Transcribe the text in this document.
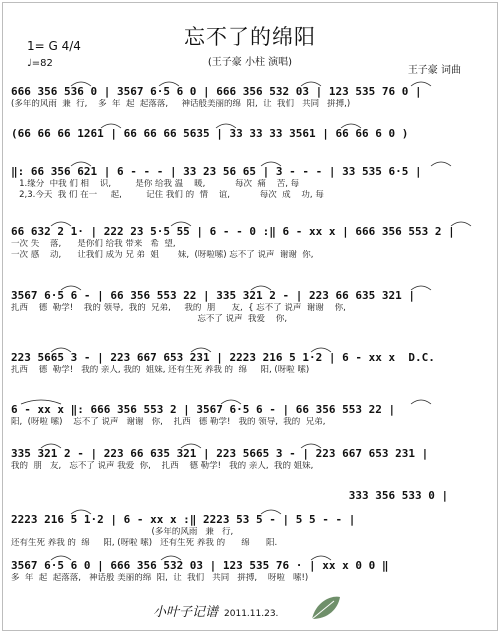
忘不了的绵阳
(王子豪 小柱 演唱)
1= G 4/4
♩=82
王子豪 词曲
666 356 536 0 | 3567 6·5 6 0 | 666 356 532 03 | 123 535 76 0 |
(多年的风雨  兼  行,    多  年  起  起落落,     神话般美丽的绵  阳,  让  我们   共同   拼搏,)
(66 66 66 1261 | 66 66 66 5635 | 33 33 33 3561 | 66 66 6 0 )
‖: 66 356 621 | 6 - - - | 33 23 56 65 | 3 - - - | 33 535 6·5 |
1.缘分  中我 们 相    识,         是你 给我 温    暖,           每次  痛    苦, 每
2,3.今天  我 们 在一     起,         记住 我们 的  情    谊,           每次  成    功, 每
66 632 2 1· | 222 23 5·5 55 | 6 - - 0 :‖ 6 - xx x | 666 356 553 2 |
一次 失    落,      是你们 给我 带来   希  望,
一次 感    动,      让我们 成为 兄 弟  姐       妹,  (呀啦嗦) 忘不了 说声  谢谢  你,
3567 6·5 6 - | 66 356 553 22 | 335 321 2 - | 223 66 635 321 |
扎西    德  勒学!    我的 领导,  我的  兄弟,     我的  朋      友,  { 忘不了 说声  谢谢    你,
忘不了 说声  我爱    你,
223 5665 3 - | 223 667 653 231 | 2223 216 5 1·2 | 6 - xx x  D.C.
扎西    德  勒学!   我的 亲人, 我的  姐妹, 还有生死 养我 的  绵     阳, (呀啦 嗦)
6 - xx x ‖: 666 356 553 2 | 3567 6·5 6 - | 66 356 553 22 |
阳,  (呀啦 嗦)    忘不了 说声   谢谢   你,    扎西   德 勒学!   我的 领导,  我的  兄弟,
335 321 2 - | 223 66 635 321 | 223 5665 3 - | 223 667 653 231 |
我的  朋   友,   忘不了 说声 我爱  你,    扎西    德 勒学!   我的 亲人,  我的 姐妹,
333 356 533 0 |
2223 216 5 1·2 | 6 - xx x :‖ 2223 53 5 - | 5 5 - - |
(多年的风雨   兼   行,
还有生死 养我 的  绵     阳, (呀啦 嗦)   还有生死 养我 的      绵      阳.
3567 6·5 6 0 | 666 356 532 03 | 123 535 76 · | xx x 0 0 ‖
多  年  起  起落落,   神话般 美丽的绵  阳,  让  我们   共同   拼搏,    呀啦   嗦!)
小叶子记谱 2011.11.23.
